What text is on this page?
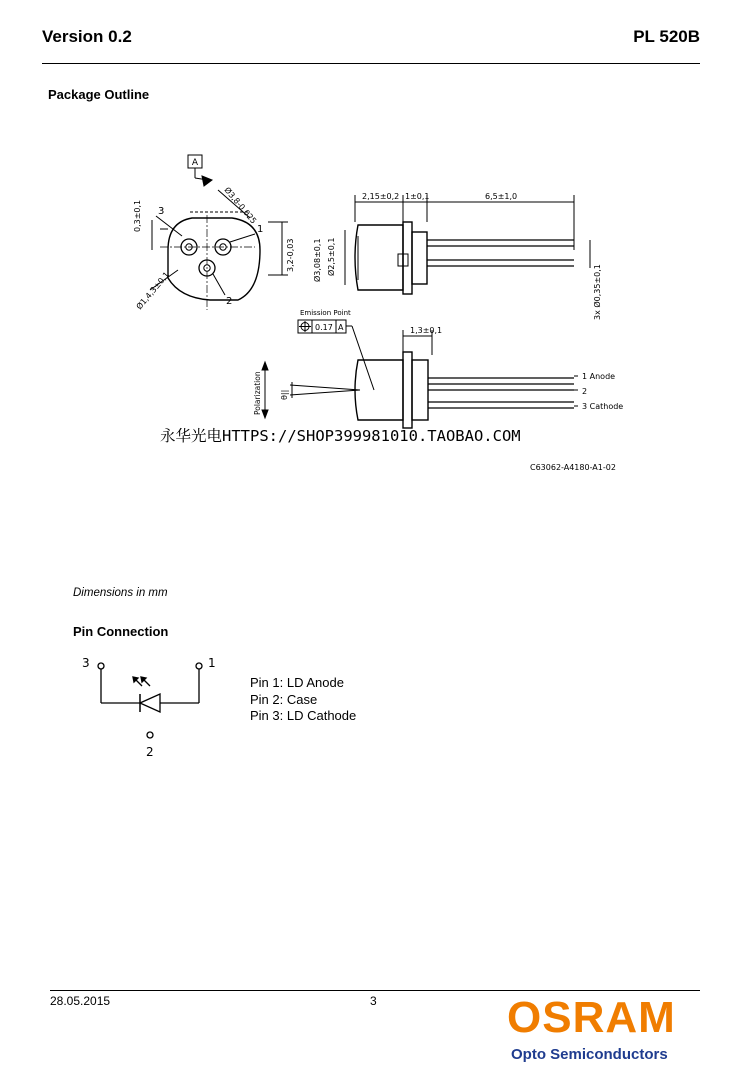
Version 0.2	PL 520B
Package Outline
A
0,3±0,1	Ø3,8-0,025
Ø1,4,3±0,1
3,2-0,03
3
1
2
2,15±0,2 1±0,1	6,5±1,0
Ø3,08±0,1 Ø2,5±0,1
3x Ø0,35±0,1
Emission Point
0.17 A	1,3±0,1
1 Anode
2
3 Cathode
Polarization θ||
C63062-A4180-A1-02
永华光电HTTPS://SHOP399981010.TAOBAO.COM
Dimensions in mm
Pin Connection
3	1
2
Pin 1: LD Anode
Pin 2: Case
Pin 3: LD Cathode
28.05.2015	3	OSRAM
Opto Semiconductors
